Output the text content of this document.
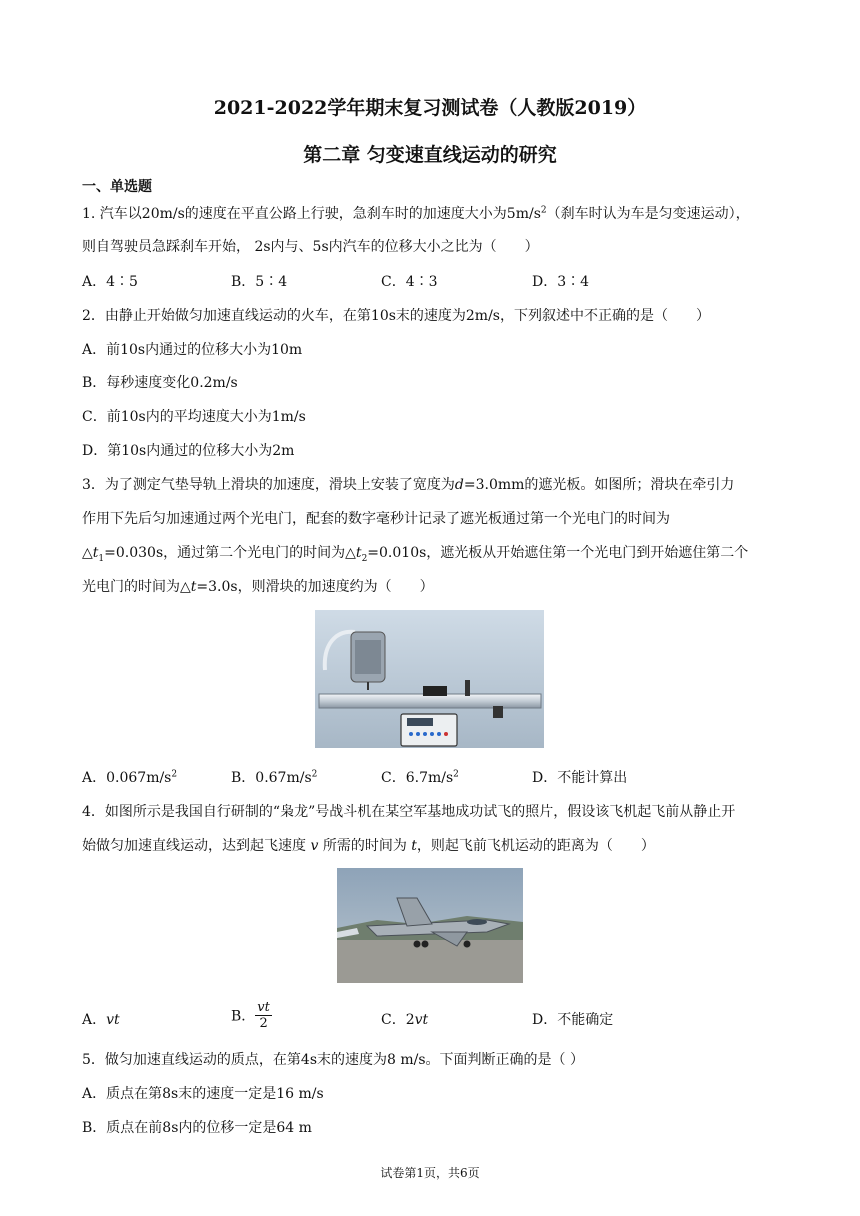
2021-2022学年期末复习测试卷（人教版2019）
第二章 匀变速直线运动的研究
一、单选题
1. 汽车以20m/s的速度在平直公路上行驶，急刹车时的加速度大小为$5m/s^2$（刹车时认为车是匀变速运动），
则自驾驶员急踩刹车开始， 2s内与、5s内汽车的位移大小之比为（　　）
A．4∶5	B．5∶4	C．4∶3	D．3∶4
2．由静止开始做匀加速直线运动的火车，在第10s末的速度为2m/s，下列叙述中不正确的是（　　）
A．前10s内通过的位移大小为10m
B．每秒速度变化0.2m/s
C．前10s内的平均速度大小为1m/s
D．第10s内通过的位移大小为2m
3．为了测定气垫导轨上滑块的加速度，滑块上安装了宽度为d=3.0mm的遮光板。如图所；滑块在牵引力
作用下先后匀加速通过两个光电门，配套的数字毫秒计记录了遮光板通过第一个光电门的时间为
$\triangle t_1=0.030s$，通过第二个光电门的时间为$\triangle t_2=0.010s$，遮光板从开始遮住第一个光电门到开始遮住第二个
光电门的时间为△t=3.0s，则滑块的加速度约为（　　）
A．$0.067m/s^2$	B．$0.67m/s^2$	C．$6.7m/s^2$	D．不能计算出
4．如图所示是我国自行研制的“枭龙”号战斗机在某空军基地成功试飞的照片，假设该飞机起飞前从静止开
始做匀加速直线运动，达到起飞速度 v 所需的时间为 t，则起飞前飞机运动的距离为（　　）
A．vt	B． $\frac{vt}{2}$	C．2vt	D．不能确定
5．做匀加速直线运动的质点，在第4s末的速度为8 m/s。下面判断正确的是（ ）
A．质点在第8s末的速度一定是16 m/s
B．质点在前8s内的位移一定是64 m
试卷第1页，共6页
